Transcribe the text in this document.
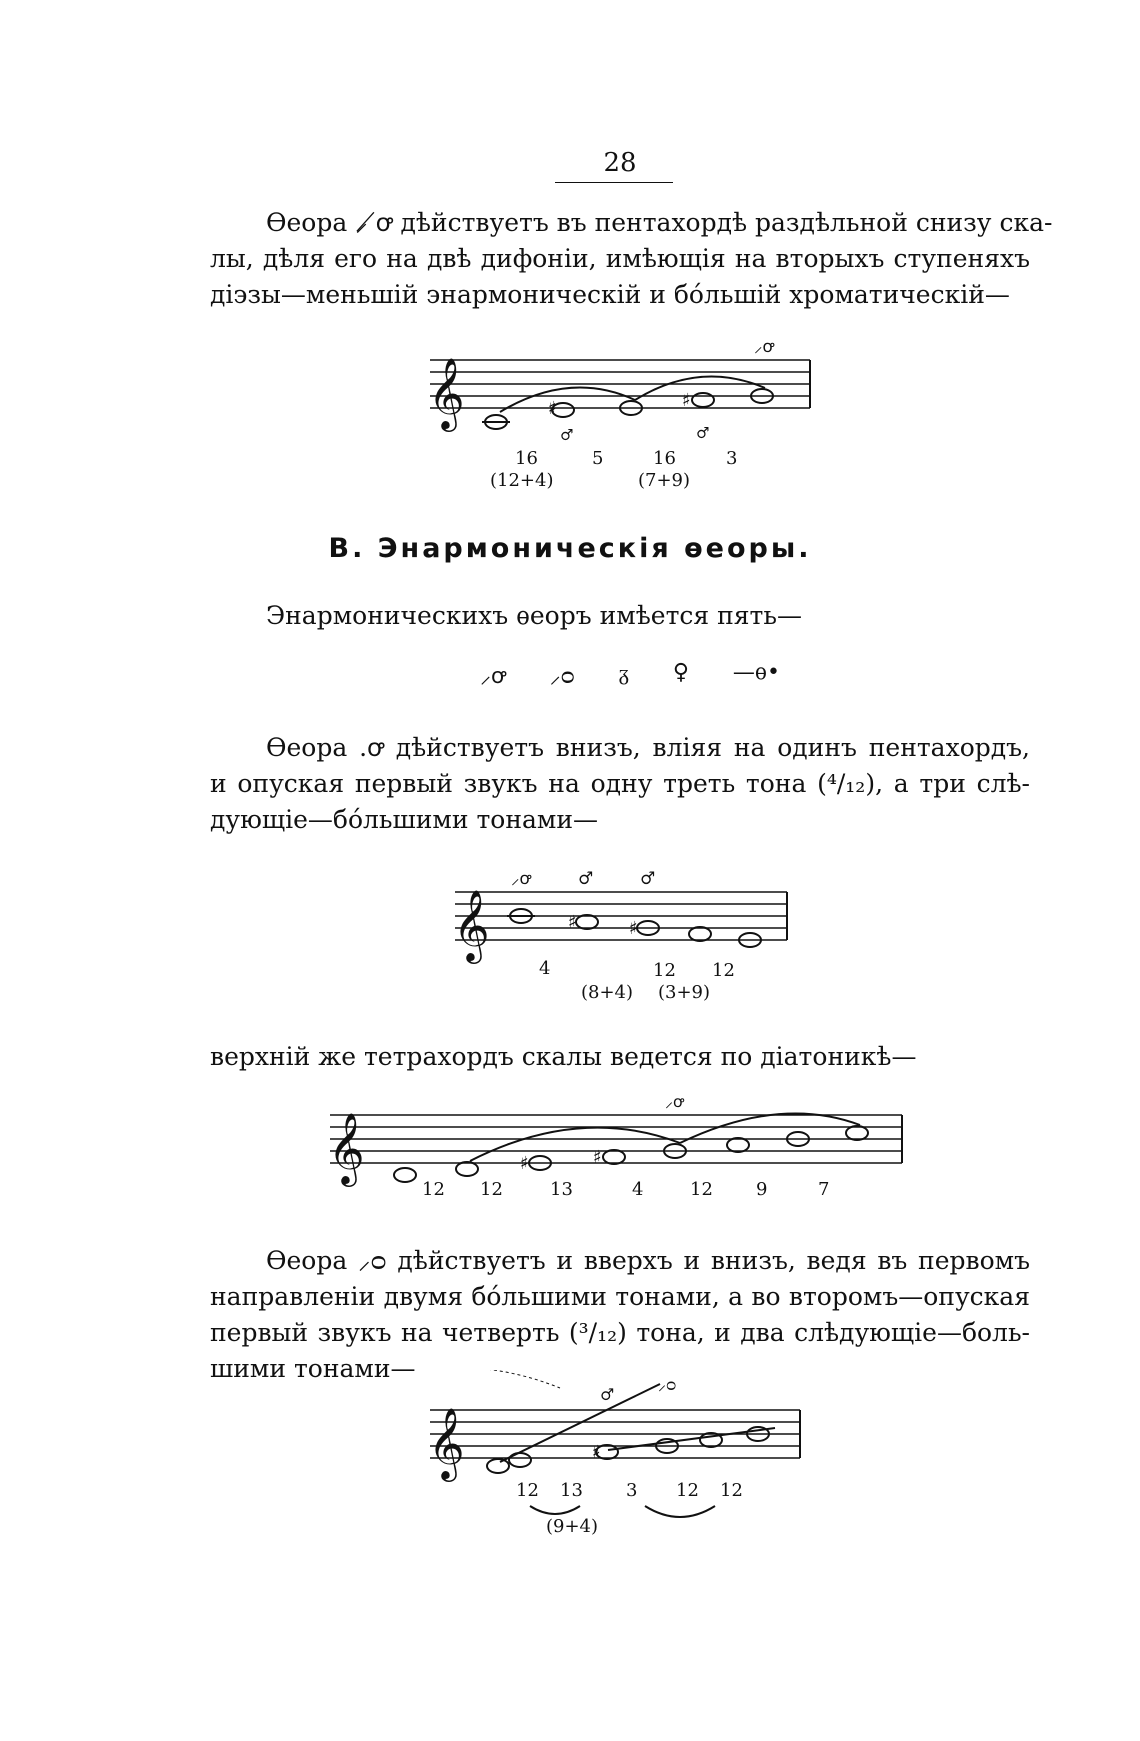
28

Ѳеора ⸝ ̸ꝍ дѣйствуетъ въ пентахордѣ раздѣльной снизу ска-
лы, дѣля его на двѣ дифоніи, имѣющія на вторыхъ ступеняхъ
діэзы—меньшій энармоническій и бо́льшій хроматическій—

𝄞	♯	♯
♂	♂
⸝ꝍ
16	5	16	3
(12+4)	(7+9)
В. Энармоническія ѳеоры.
Энармоническихъ ѳеоръ имѣется пять—
⸝ꝍ ⸝ᴑ ᵹ ♀ —ѳ•

Ѳеора .ꝍ дѣйствуетъ внизъ, вліяя на одинъ пентахордъ,
и опуская первый звукъ на одну треть тона (⁴/₁₂), а три слѣ-
дующіе—бо́льшими тонами—

𝄞	♯	♯
⸝ꝍ	♂	♂
4	12 12
(8+4) (3+9)
верхній же тетрахордъ скалы ведется по діатоникѣ—
𝄞	♯	♯
⸝ꝍ
12 12	13	4	12 9	7

Ѳеора ⸝ᴑ дѣйствуетъ и вверхъ и внизъ, ведя въ первомъ
направленіи двумя бо́льшими тонами, а во второмъ—опуская
первый звукъ на четверть (³/₁₂) тона, и два слѣдующіе—боль-
шими тонами—

𝄞	♯
♂
⸝ᴑ
12 13 3 12 12
(9+4)
